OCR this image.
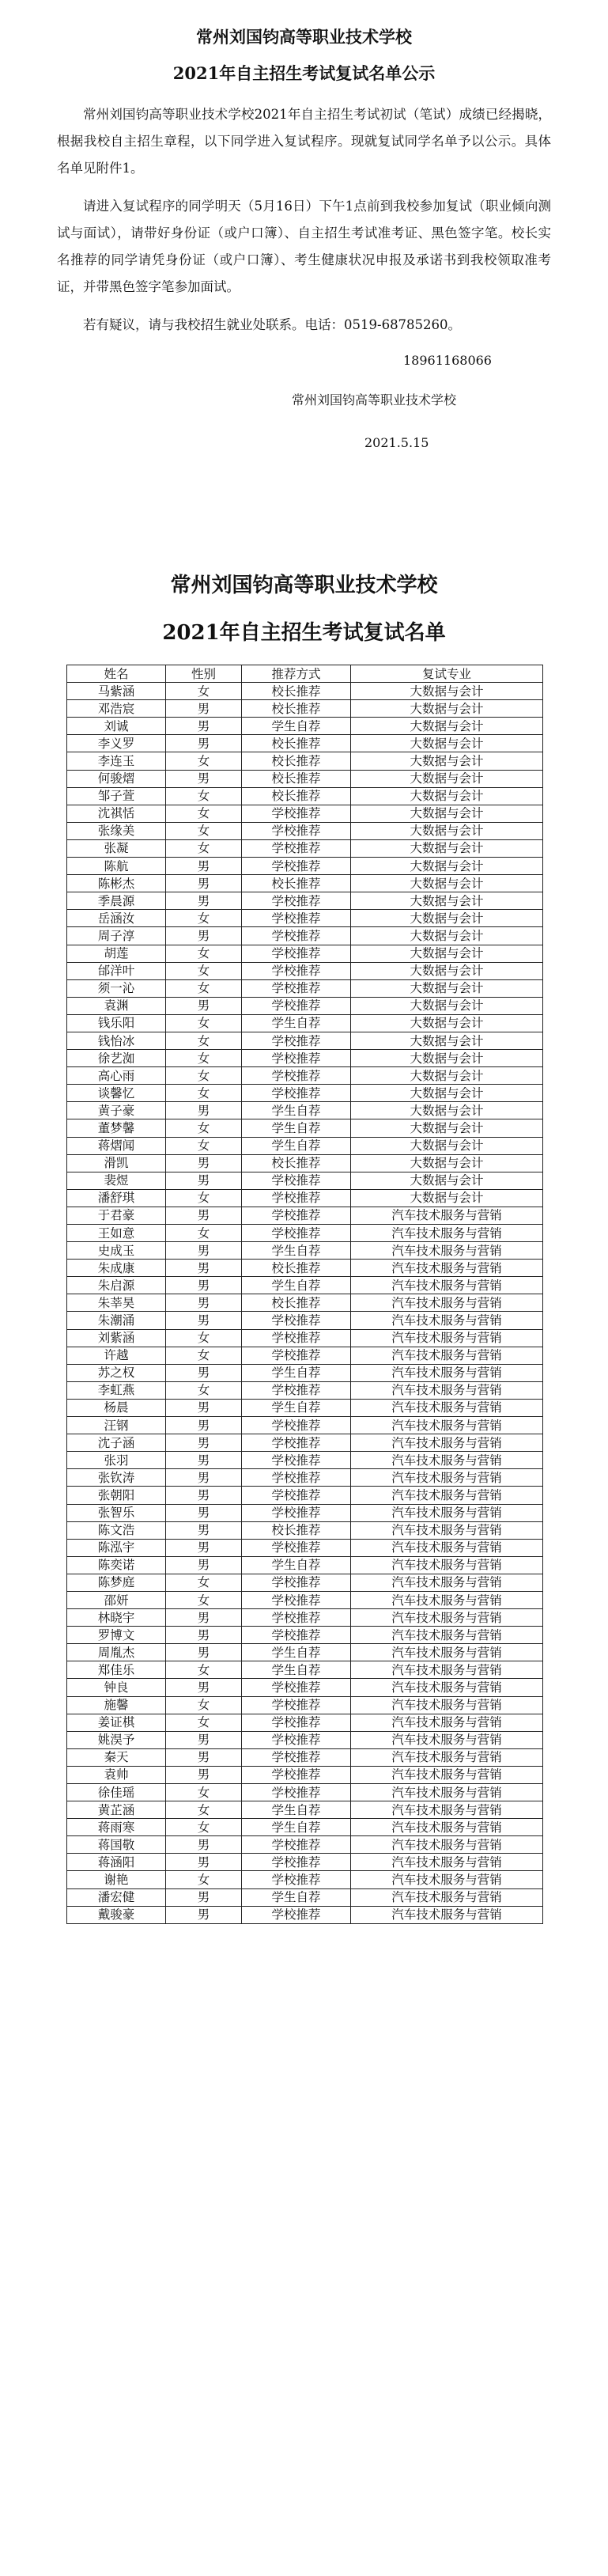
常州刘国钧高等职业技术学校
2021年自主招生考试复试名单公示

常州刘国钧高等职业技术学校2021年自主招生考试初试（笔试）成绩已经揭晓，根据我校自主招生章程，以下同学进入复试程序。现就复试同学名单予以公示。具体名单见附件1。

请进入复试程序的同学明天（5月16日）下午1点前到我校参加复试（职业倾向测试与面试），请带好身份证（或户口簿）、自主招生考试准考证、黑色签字笔。校长实名推荐的同学请凭身份证（或户口簿）、考生健康状况申报及承诺书到我校领取准考证，并带黑色签字笔参加面试。

若有疑议，请与我校招生就业处联系。电话：0519-68785260。

18961168066

常州刘国钧高等职业技术学校

2021.5.15

常州刘国钧高等职业技术学校

2021年自主招生考试复试名单

姓名	性别	推荐方式	复试专业
马紫涵	女	校长推荐	大数据与会计
邓浩宸	男	校长推荐	大数据与会计
刘诚	男	学生自荐	大数据与会计
李义罗	男	校长推荐	大数据与会计
李连玉	女	校长推荐	大数据与会计
何骏熠	男	校长推荐	大数据与会计
邹子萱	女	校长推荐	大数据与会计
沈祺恬	女	学校推荐	大数据与会计
张缘美	女	学校推荐	大数据与会计
张凝	女	学校推荐	大数据与会计
陈航	男	学校推荐	大数据与会计
陈彬杰	男	校长推荐	大数据与会计
季晨源	男	学校推荐	大数据与会计
岳涵汝	女	学校推荐	大数据与会计
周子淳	男	学校推荐	大数据与会计
胡莲	女	学校推荐	大数据与会计
邰洋叶	女	学校推荐	大数据与会计
须一沁	女	学校推荐	大数据与会计
袁渊	男	学校推荐	大数据与会计
钱乐阳	女	学生自荐	大数据与会计
钱怡冰	女	学校推荐	大数据与会计
徐艺洳	女	学校推荐	大数据与会计
高心雨	女	学校推荐	大数据与会计
谈馨忆	女	学校推荐	大数据与会计
黄子豪	男	学生自荐	大数据与会计
董梦馨	女	学生自荐	大数据与会计
蒋熠闻	女	学生自荐	大数据与会计
滑凯	男	校长推荐	大数据与会计
裴煜	男	学校推荐	大数据与会计
潘舒琪	女	学校推荐	大数据与会计
于君豪	男	学校推荐	汽车技术服务与营销
王如意	女	学校推荐	汽车技术服务与营销
史成玉	男	学生自荐	汽车技术服务与营销
朱成康	男	校长推荐	汽车技术服务与营销
朱启源	男	学生自荐	汽车技术服务与营销
朱莘昊	男	校长推荐	汽车技术服务与营销
朱潮涌	男	学校推荐	汽车技术服务与营销
刘紫涵	女	学校推荐	汽车技术服务与营销
许越	女	学校推荐	汽车技术服务与营销
苏之权	男	学生自荐	汽车技术服务与营销
李虹燕	女	学校推荐	汽车技术服务与营销
杨晨	男	学生自荐	汽车技术服务与营销
汪钢	男	学校推荐	汽车技术服务与营销
沈子涵	男	学校推荐	汽车技术服务与营销
张羽	男	学校推荐	汽车技术服务与营销
张钦涛	男	学校推荐	汽车技术服务与营销
张朝阳	男	学校推荐	汽车技术服务与营销
张智乐	男	学校推荐	汽车技术服务与营销
陈文浩	男	校长推荐	汽车技术服务与营销
陈泓宇	男	学校推荐	汽车技术服务与营销
陈奕诺	男	学生自荐	汽车技术服务与营销
陈梦庭	女	学校推荐	汽车技术服务与营销
邵妍	女	学校推荐	汽车技术服务与营销
林晓宇	男	学校推荐	汽车技术服务与营销
罗博文	男	学校推荐	汽车技术服务与营销
周胤杰	男	学生自荐	汽车技术服务与营销
郑佳乐	女	学生自荐	汽车技术服务与营销
钟良	男	学校推荐	汽车技术服务与营销
施馨	女	学校推荐	汽车技术服务与营销
姜证棋	女	学校推荐	汽车技术服务与营销
姚淏予	男	学校推荐	汽车技术服务与营销
秦天	男	学校推荐	汽车技术服务与营销
袁帅	男	学校推荐	汽车技术服务与营销
徐佳瑶	女	学校推荐	汽车技术服务与营销
黄芷涵	女	学生自荐	汽车技术服务与营销
蒋雨寒	女	学生自荐	汽车技术服务与营销
蒋国敬	男	学校推荐	汽车技术服务与营销
蒋涵阳	男	学校推荐	汽车技术服务与营销
谢艳	女	学校推荐	汽车技术服务与营销
潘宏健	男	学生自荐	汽车技术服务与营销
戴骏豪	男	学校推荐	汽车技术服务与营销
